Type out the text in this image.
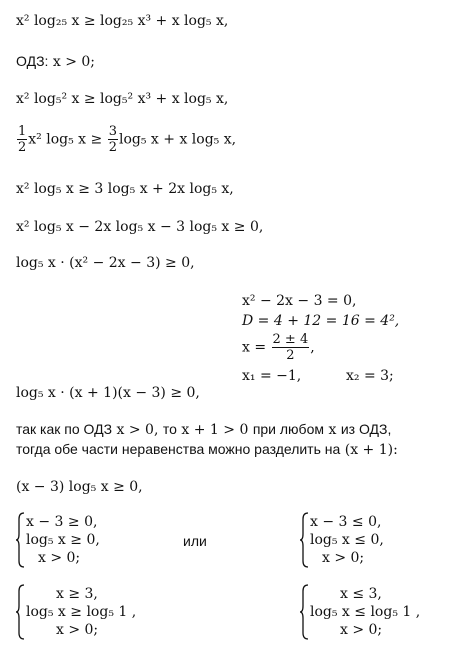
x² log₂₅ x ≥ log₂₅ x³ + x log₅ x,
ОДЗ: x > 0;
x² log₅² x ≥ log₅² x³ + x log₅ x,
$\frac{1}{2} x^2$ log₅ $x \ge \frac{3}{2} \log_5$ x + x log₅ x,
x² log₅ x ≥ 3 log₅ x + 2x log₅ x,
x² log₅ x − 2x log₅ x − 3 log₅ x ≥ 0,
log₅ x · (x² − 2x − 3) ≥ 0,
x² − 2x − 3 = 0,
D = 4 + 12 = 16 = 4²,
$x = \frac{2 \pm 4}{2}$ ,
x₁ = −1,	x₂ = 3;
log₅ x · (x + 1)(x − 3) ≥ 0,
так как по ОДЗ x > 0, то x + 1 > 0 при любом x из ОДЗ,
тогда обе части неравенства можно разделить на (x + 1):
(x − 3) log₅ x ≥ 0,
x − 3 ≥ 0,
log₅ x ≥ 0,
x > 0;
или
x − 3 ≤ 0,
log₅ x ≤ 0,
x > 0;
x ≥ 3,
log₅ x ≥ log₅ 1 ,
x > 0;
x ≤ 3,
log₅ x ≤ log₅ 1 ,
x > 0;
